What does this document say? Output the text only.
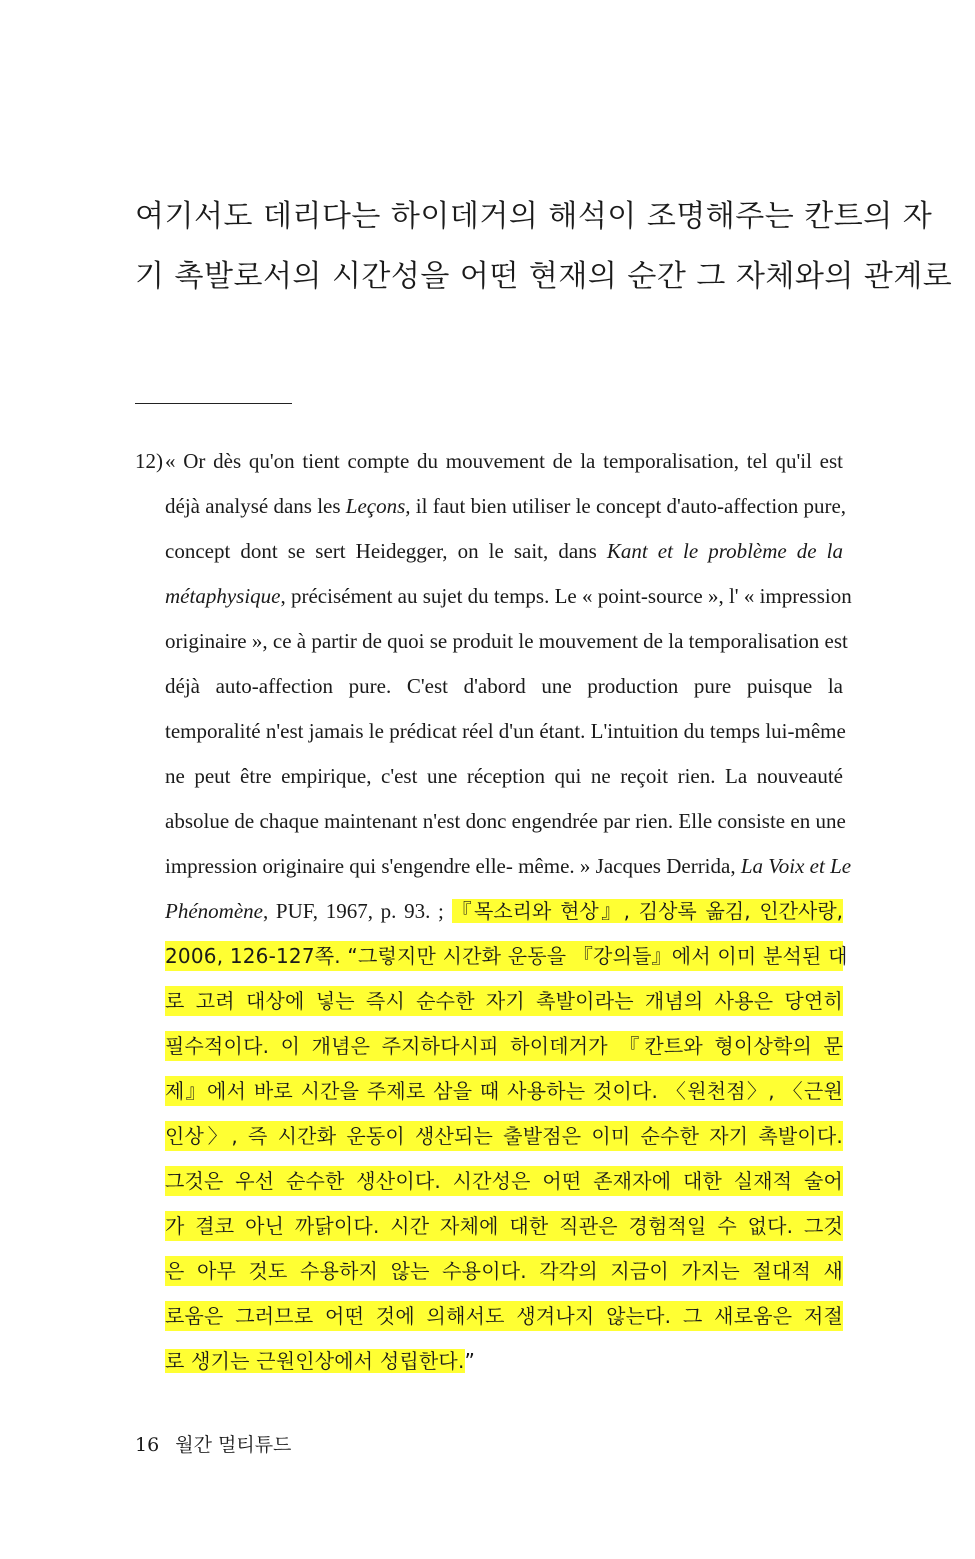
여기서도 데리다는 하이데거의 해석이 조명해주는 칸트의 자
기 촉발로서의 시간성을 어떤 현재의 순간 그 자체와의 관계로
12) « Or dès qu'on tient compte du mouvement de la temporalisation, tel qu'il est
déjà analysé dans les Leçons, il faut bien utiliser le concept d'auto-affection pure,
concept dont se sert Heidegger, on le sait, dans Kant et le problème de la
métaphysique, précisément au sujet du temps. Le « point-source », l' « impression
originaire », ce à partir de quoi se produit le mouvement de la temporalisation est
déjà auto-affection pure. C'est d'abord une production pure puisque la
temporalité n'est jamais le prédicat réel d'un étant. L'intuition du temps lui-même
ne peut être empirique, c'est une réception qui ne reçoit rien. La nouveauté
absolue de chaque maintenant n'est donc engendrée par rien. Elle consiste en une
impression originaire qui s'engendre elle- même. » Jacques Derrida, La Voix et Le
Phénomène, PUF, 1967, p. 93. ; 『목소리와 현상』, 김상록 옮김, 인간사랑,
2006, 126-127쪽. “그렇지만 시간화 운동을 『강의들』에서 이미 분석된 대
로 고려 대상에 넣는 즉시 순수한 자기 촉발이라는 개념의 사용은 당연히
필수적이다. 이 개념은 주지하다시피 하이데거가 『칸트와 형이상학의 문
제』에서 바로 시간을 주제로 삼을 때 사용하는 것이다. 〈원천점〉, 〈근원
인상〉, 즉 시간화 운동이 생산되는 출발점은 이미 순수한 자기 촉발이다.
그것은 우선 순수한 생산이다. 시간성은 어떤 존재자에 대한 실재적 술어
가 결코 아닌 까닭이다. 시간 자체에 대한 직관은 경험적일 수 없다. 그것
은 아무 것도 수용하지 않는 수용이다. 각각의 지금이 가지는 절대적 새
로움은 그러므로 어떤 것에 의해서도 생겨나지 않는다. 그 새로움은 저절
로 생기는 근원인상에서 성립한다.”
16 월간 멀티튜드
